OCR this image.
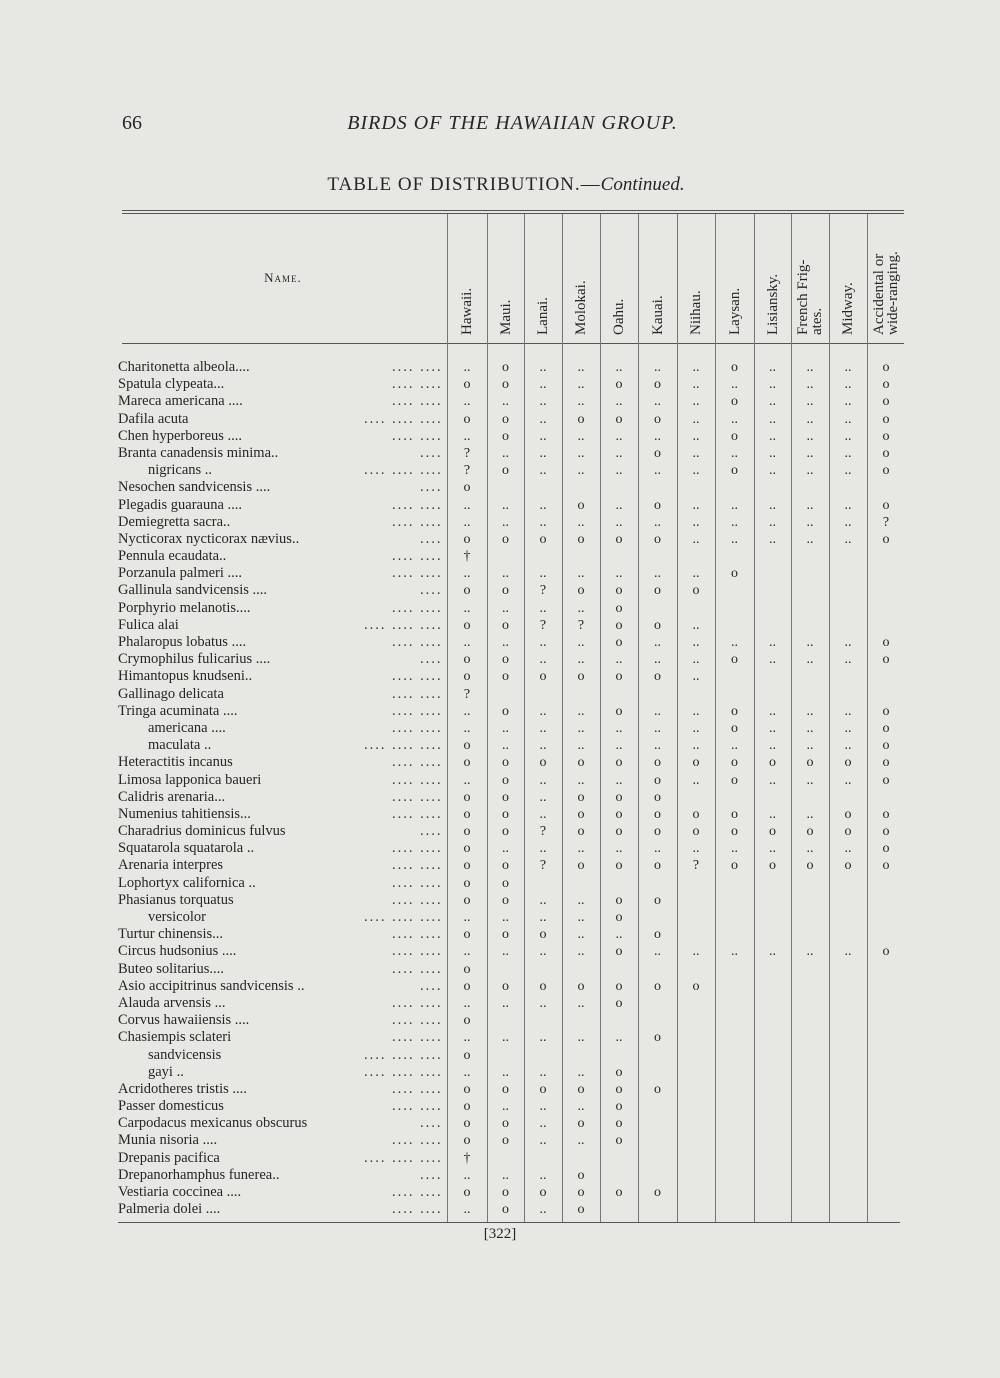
66	BIRDS OF THE HAWAIIAN GROUP.
TABLE OF DISTRIBUTION.—Continued.
Name.
Hawaii. Maui. Lanai. Molokai. Oahu. Kauai. Niihau. Laysan. Lisiansky. French Frig-
ates. Midway. Accidental or
wide-ranging.
Charitonetta albeola....	.... ....	..	o	..	..	..	..	..	o	..	..	..	o
Spatula clypeata...	.... ....	o	o	..	..	o	o	..	..	..	..	..	o
Mareca americana ....	.... ....	..	..	..	..	..	..	..	o	..	..	..	o
Dafila acuta	.... .... ....	o	o	..	o	o	o	..	..	..	..	..	o
Chen hyperboreus ....	.... ....	..	o	..	..	..	..	..	o	..	..	..	o
Branta canadensis minima..	....	?	..	..	..	..	o	..	..	..	..	..	o
nigricans ..	.... .... ....	?	o	..	..	..	..	..	o	..	..	..	o
Nesochen sandvicensis ....	....	o
Plegadis guarauna ....	.... ....	..	..	..	o	..	o	..	..	..	..	..	o
Demiegretta sacra..	.... ....	..	..	..	..	..	..	..	..	..	..	..	?
Nycticorax nycticorax nævius..	....	o	o	o	o	o	o	..	..	..	..	..	o
Pennula ecaudata..	.... ....	†
Porzanula palmeri ....	.... ....	..	..	..	..	..	..	..	o
Gallinula sandvicensis ....	....	o	o	?	o	o	o	o
Porphyrio melanotis....	.... ....	..	..	..	..	o
Fulica alai	.... .... ....	o	o	?	?	o	o	..
Phalaropus lobatus ....	.... ....	..	..	..	..	o	..	..	..	..	..	..	o
Crymophilus fulicarius ....	....	o	o	..	..	..	..	..	o	..	..	..	o
Himantopus knudseni..	.... ....	o	o	o	o	o	o	..
Gallinago delicata	.... ....	?
Tringa acuminata ....	.... ....	..	o	..	..	o	..	..	o	..	..	..	o
americana ....	.... ....	..	..	..	..	..	..	..	o	..	..	..	o
maculata ..	.... .... ....	o	..	..	..	..	..	..	..	..	..	..	o
Heteractitis incanus	.... ....	o	o	o	o	o	o	o	o	o	o	o	o
Limosa lapponica baueri	.... ....	..	o	..	..	..	o	..	o	..	..	..	o
Calidris arenaria...	.... ....	o	o	..	o	o	o
Numenius tahitiensis...	.... ....	o	o	..	o	o	o	o	o	..	..	o	o
Charadrius dominicus fulvus	....	o	o	?	o	o	o	o	o	o	o	o	o
Squatarola squatarola ..	.... ....	o	..	..	..	..	..	..	..	..	..	..	o
Arenaria interpres	.... ....	o	o	?	o	o	o	?	o	o	o	o	o
Lophortyx californica ..	.... ....	o	o
Phasianus torquatus	.... ....	o	o	..	..	o	o
versicolor	.... .... ....	..	..	..	..	o
Turtur chinensis...	.... ....	o	o	o	..	..	o
Circus hudsonius ....	.... ....	..	..	..	..	o	..	..	..	..	..	..	o
Buteo solitarius....	.... ....	o
Asio accipitrinus sandvicensis ..	....	o	o	o	o	o	o	o
Alauda arvensis ...	.... ....	..	..	..	..	o
Corvus hawaiiensis ....	.... ....	o
Chasiempis sclateri	.... ....	..	..	..	..	..	o
sandvicensis	.... .... ....	o
gayi ..	.... .... ....	..	..	..	..	o
Acridotheres tristis ....	.... ....	o	o	o	o	o	o
Passer domesticus	.... ....	o	..	..	..	o
Carpodacus mexicanus obscurus	....	o	o	..	o	o
Munia nisoria ....	.... ....	o	o	..	..	o
Drepanis pacifica	.... .... ....	†
Drepanorhamphus funerea..	....	..	..	..	o
Vestiaria coccinea ....	.... ....	o	o	o	o	o	o
Palmeria dolei ....	.... ....	..	o	..	o
[322]
